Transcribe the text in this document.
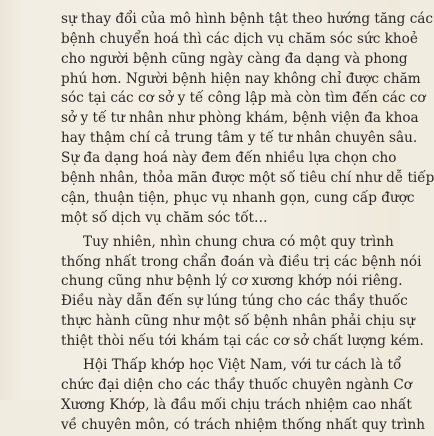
sự thay đổi của mô hình bệnh tật theo hướng tăng các
bệnh chuyển hoá thì các dịch vụ chăm sóc sức khoẻ
cho người bệnh cũng ngày càng đa dạng và phong
phú hơn. Người bệnh hiện nay không chỉ được chăm
sóc tại các cơ sở y tế công lập mà còn tìm đến các cơ
sở y tế tư nhân như phòng khám, bệnh viện đa khoa
hay thậm chí cả trung tâm y tế tư nhân chuyên sâu.
Sự đa dạng hoá này đem đến nhiều lựa chọn cho
bệnh nhân, thỏa mãn được một số tiêu chí như dễ tiếp
cận, thuận tiện, phục vụ nhanh gọn, cung cấp được
một số dịch vụ chăm sóc tốt…
Tuy nhiên, nhìn chung chưa có một quy trình
thống nhất trong chẩn đoán và điều trị các bệnh nói
chung cũng như bệnh lý cơ xương khớp nói riêng.
Điều này dẫn đến sự lúng túng cho các thầy thuốc
thực hành cũng như một số bệnh nhân phải chịu sự
thiệt thòi nếu tới khám tại các cơ sở chất lượng kém.
Hội Thấp khớp học Việt Nam, với tư cách là tổ
chức đại diện cho các thầy thuốc chuyên ngành Cơ
Xương Khớp, là đầu mối chịu trách nhiệm cao nhất
về chuyên môn, có trách nhiệm thống nhất quy trình
